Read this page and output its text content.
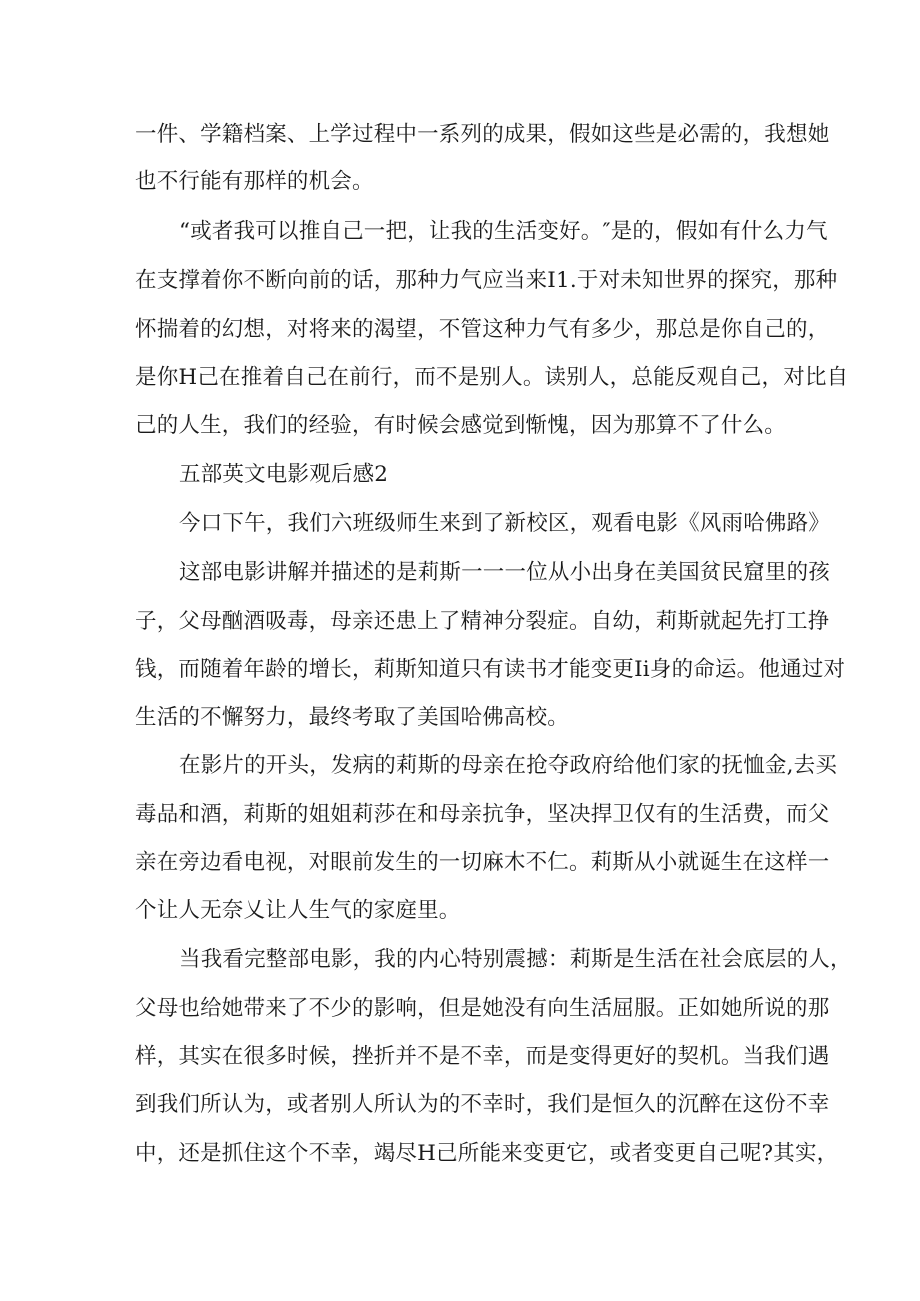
一件、学籍档案、上学过程中一系列的成果，假如这些是必需的，我想她
也不行能有那样的机会。
“或者我可以推自己一把，让我的生活变好。″是的，假如有什么力气
在支撑着你不断向前的话，那种力气应当来Ⅰ1.于对未知世界的探究，那种
怀揣着的幻想，对将来的渴望，不管这种力气有多少，那总是你自己的，
是你H己在推着自己在前行，而不是别人。读别人，总能反观自己，对比自
己的人生，我们的经验，有时候会感觉到惭愧，因为那算不了什么。
五部英文电影观后感2
今口下午，我们六班级师生来到了新校区，观看电影《风雨哈佛路》
这部电影讲解并描述的是莉斯一一一位从小出身在美国贫民窟里的孩
子，父母酗酒吸毒，母亲还患上了精神分裂症。自幼，莉斯就起先打工挣
钱，而随着年龄的增长，莉斯知道只有读书才能变更Ii身的命运。他通过对
生活的不懈努力，最终考取了美国哈佛高校。
在影片的开头，发病的莉斯的母亲在抢夺政府给他们家的抚恤金,去买
毒品和酒，莉斯的姐姐莉莎在和母亲抗争，坚决捍卫仅有的生活费，而父
亲在旁边看电视，对眼前发生的一切麻木不仁。莉斯从小就诞生在这样一
个让人无奈乂让人生气的家庭里。
当我看完整部电影，我的内心特别震撼：莉斯是生活在社会底层的人，
父母也给她带来了不少的影响，但是她没有向生活屈服。正如她所说的那
样，其实在很多时候，挫折并不是不幸，而是变得更好的契机。当我们遇
到我们所认为，或者别人所认为的不幸时，我们是恒久的沉醉在这份不幸
中，还是抓住这个不幸，竭尽H己所能来变更它，或者变更自己呢?其实，
